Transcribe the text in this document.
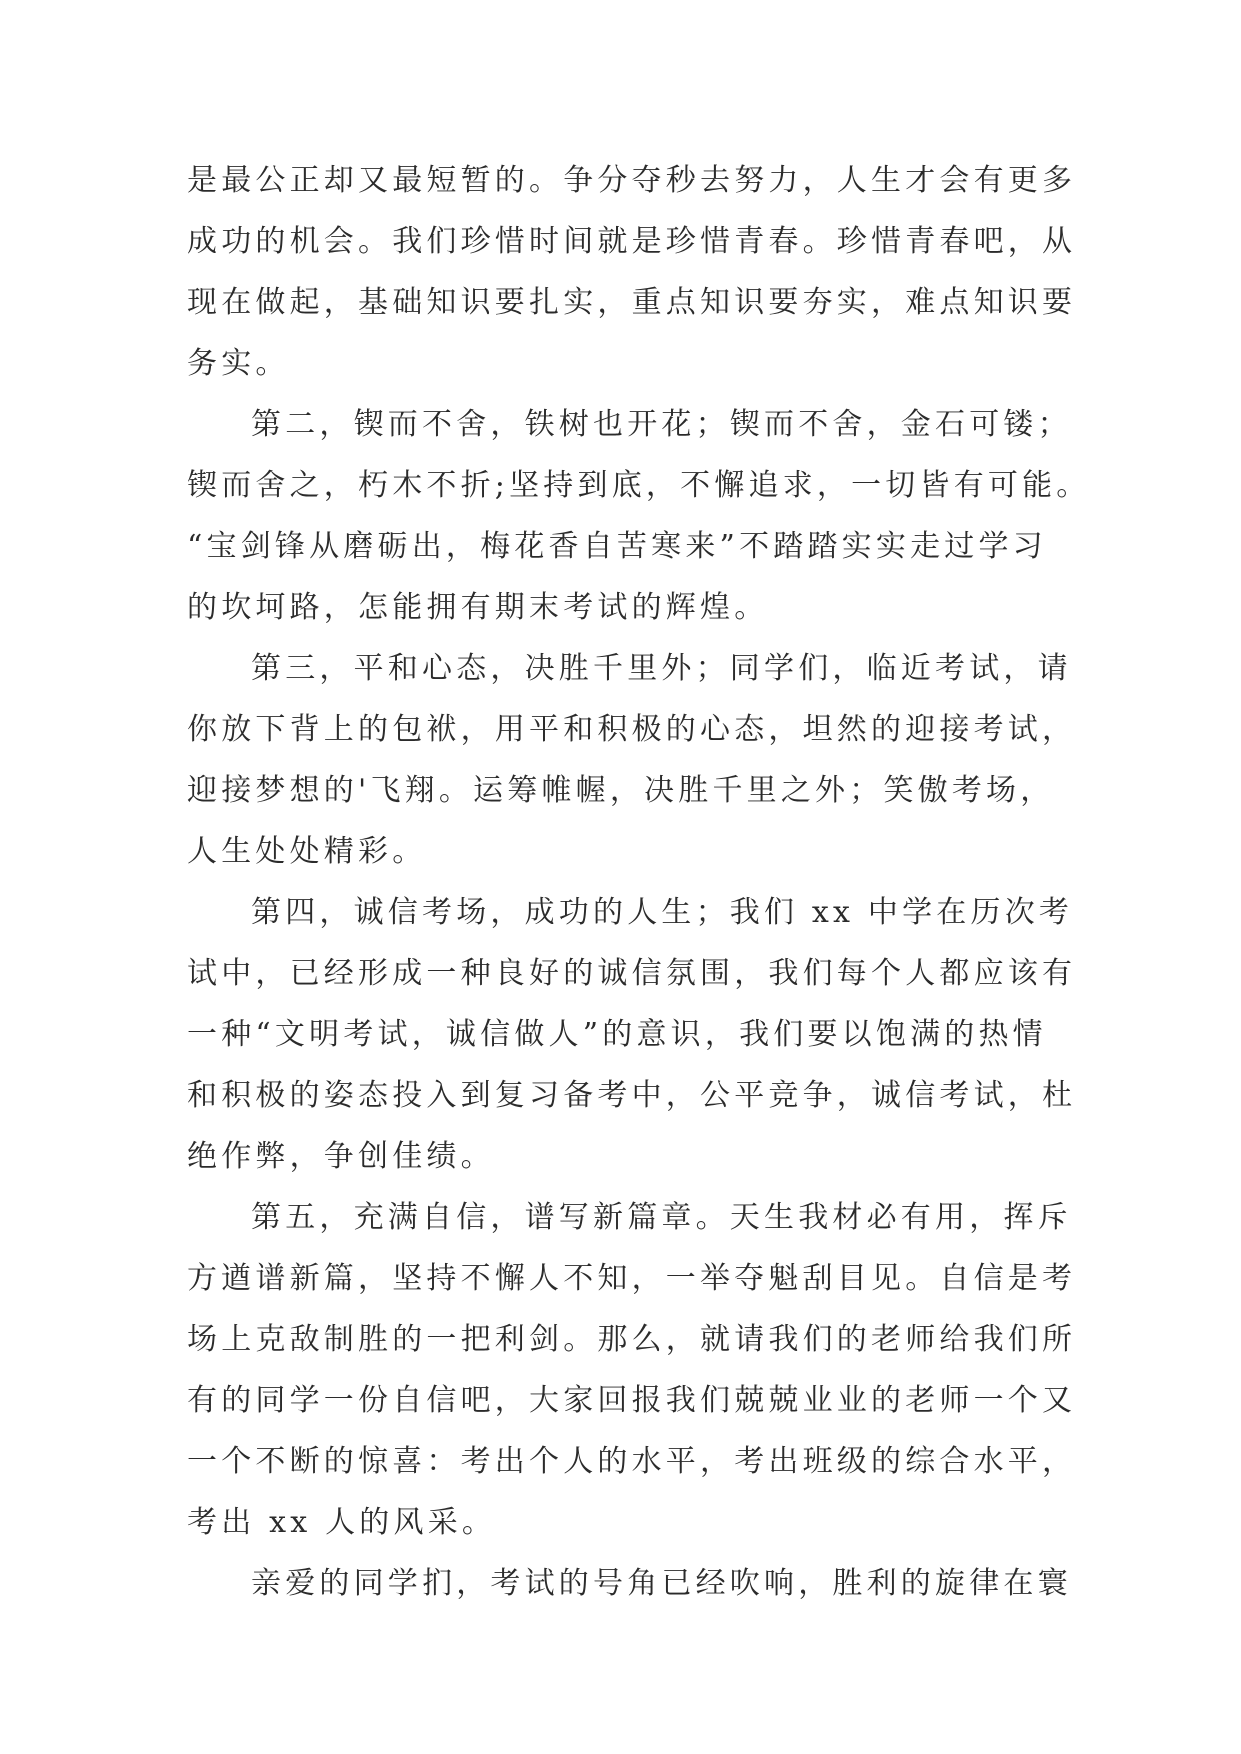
是最公正却又最短暂的。争分夺秒去努力，人生才会有更多
成功的机会。我们珍惜时间就是珍惜青春。珍惜青春吧，从
现在做起，基础知识要扎实，重点知识要夯实，难点知识要
务实。
第二，锲而不舍，铁树也开花；锲而不舍，金石可镂；
锲而舍之，朽木不折;坚持到底，不懈追求，一切皆有可能。
“宝剑锋从磨砺出，梅花香自苦寒来”不踏踏实实走过学习
的坎坷路，怎能拥有期末考试的辉煌。
第三，平和心态，决胜千里外；同学们，临近考试，请
你放下背上的包袱，用平和积极的心态，坦然的迎接考试，
迎接梦想的'飞翔。运筹帷幄，决胜千里之外；笑傲考场，
人生处处精彩。
第四，诚信考场，成功的人生；我们 xx 中学在历次考
试中，已经形成一种良好的诚信氛围，我们每个人都应该有
一种“文明考试，诚信做人”的意识，我们要以饱满的热情
和积极的姿态投入到复习备考中，公平竞争，诚信考试，杜
绝作弊，争创佳绩。
第五，充满自信，谱写新篇章。天生我材必有用，挥斥
方遒谱新篇，坚持不懈人不知，一举夺魁刮目见。自信是考
场上克敌制胜的一把利剑。那么，就请我们的老师给我们所
有的同学一份自信吧，大家回报我们兢兢业业的老师一个又
一个不断的惊喜：考出个人的水平，考出班级的综合水平，
考出 xx 人的风采。
亲爱的同学扪，考试的号角已经吹响，胜利的旋律在寰
